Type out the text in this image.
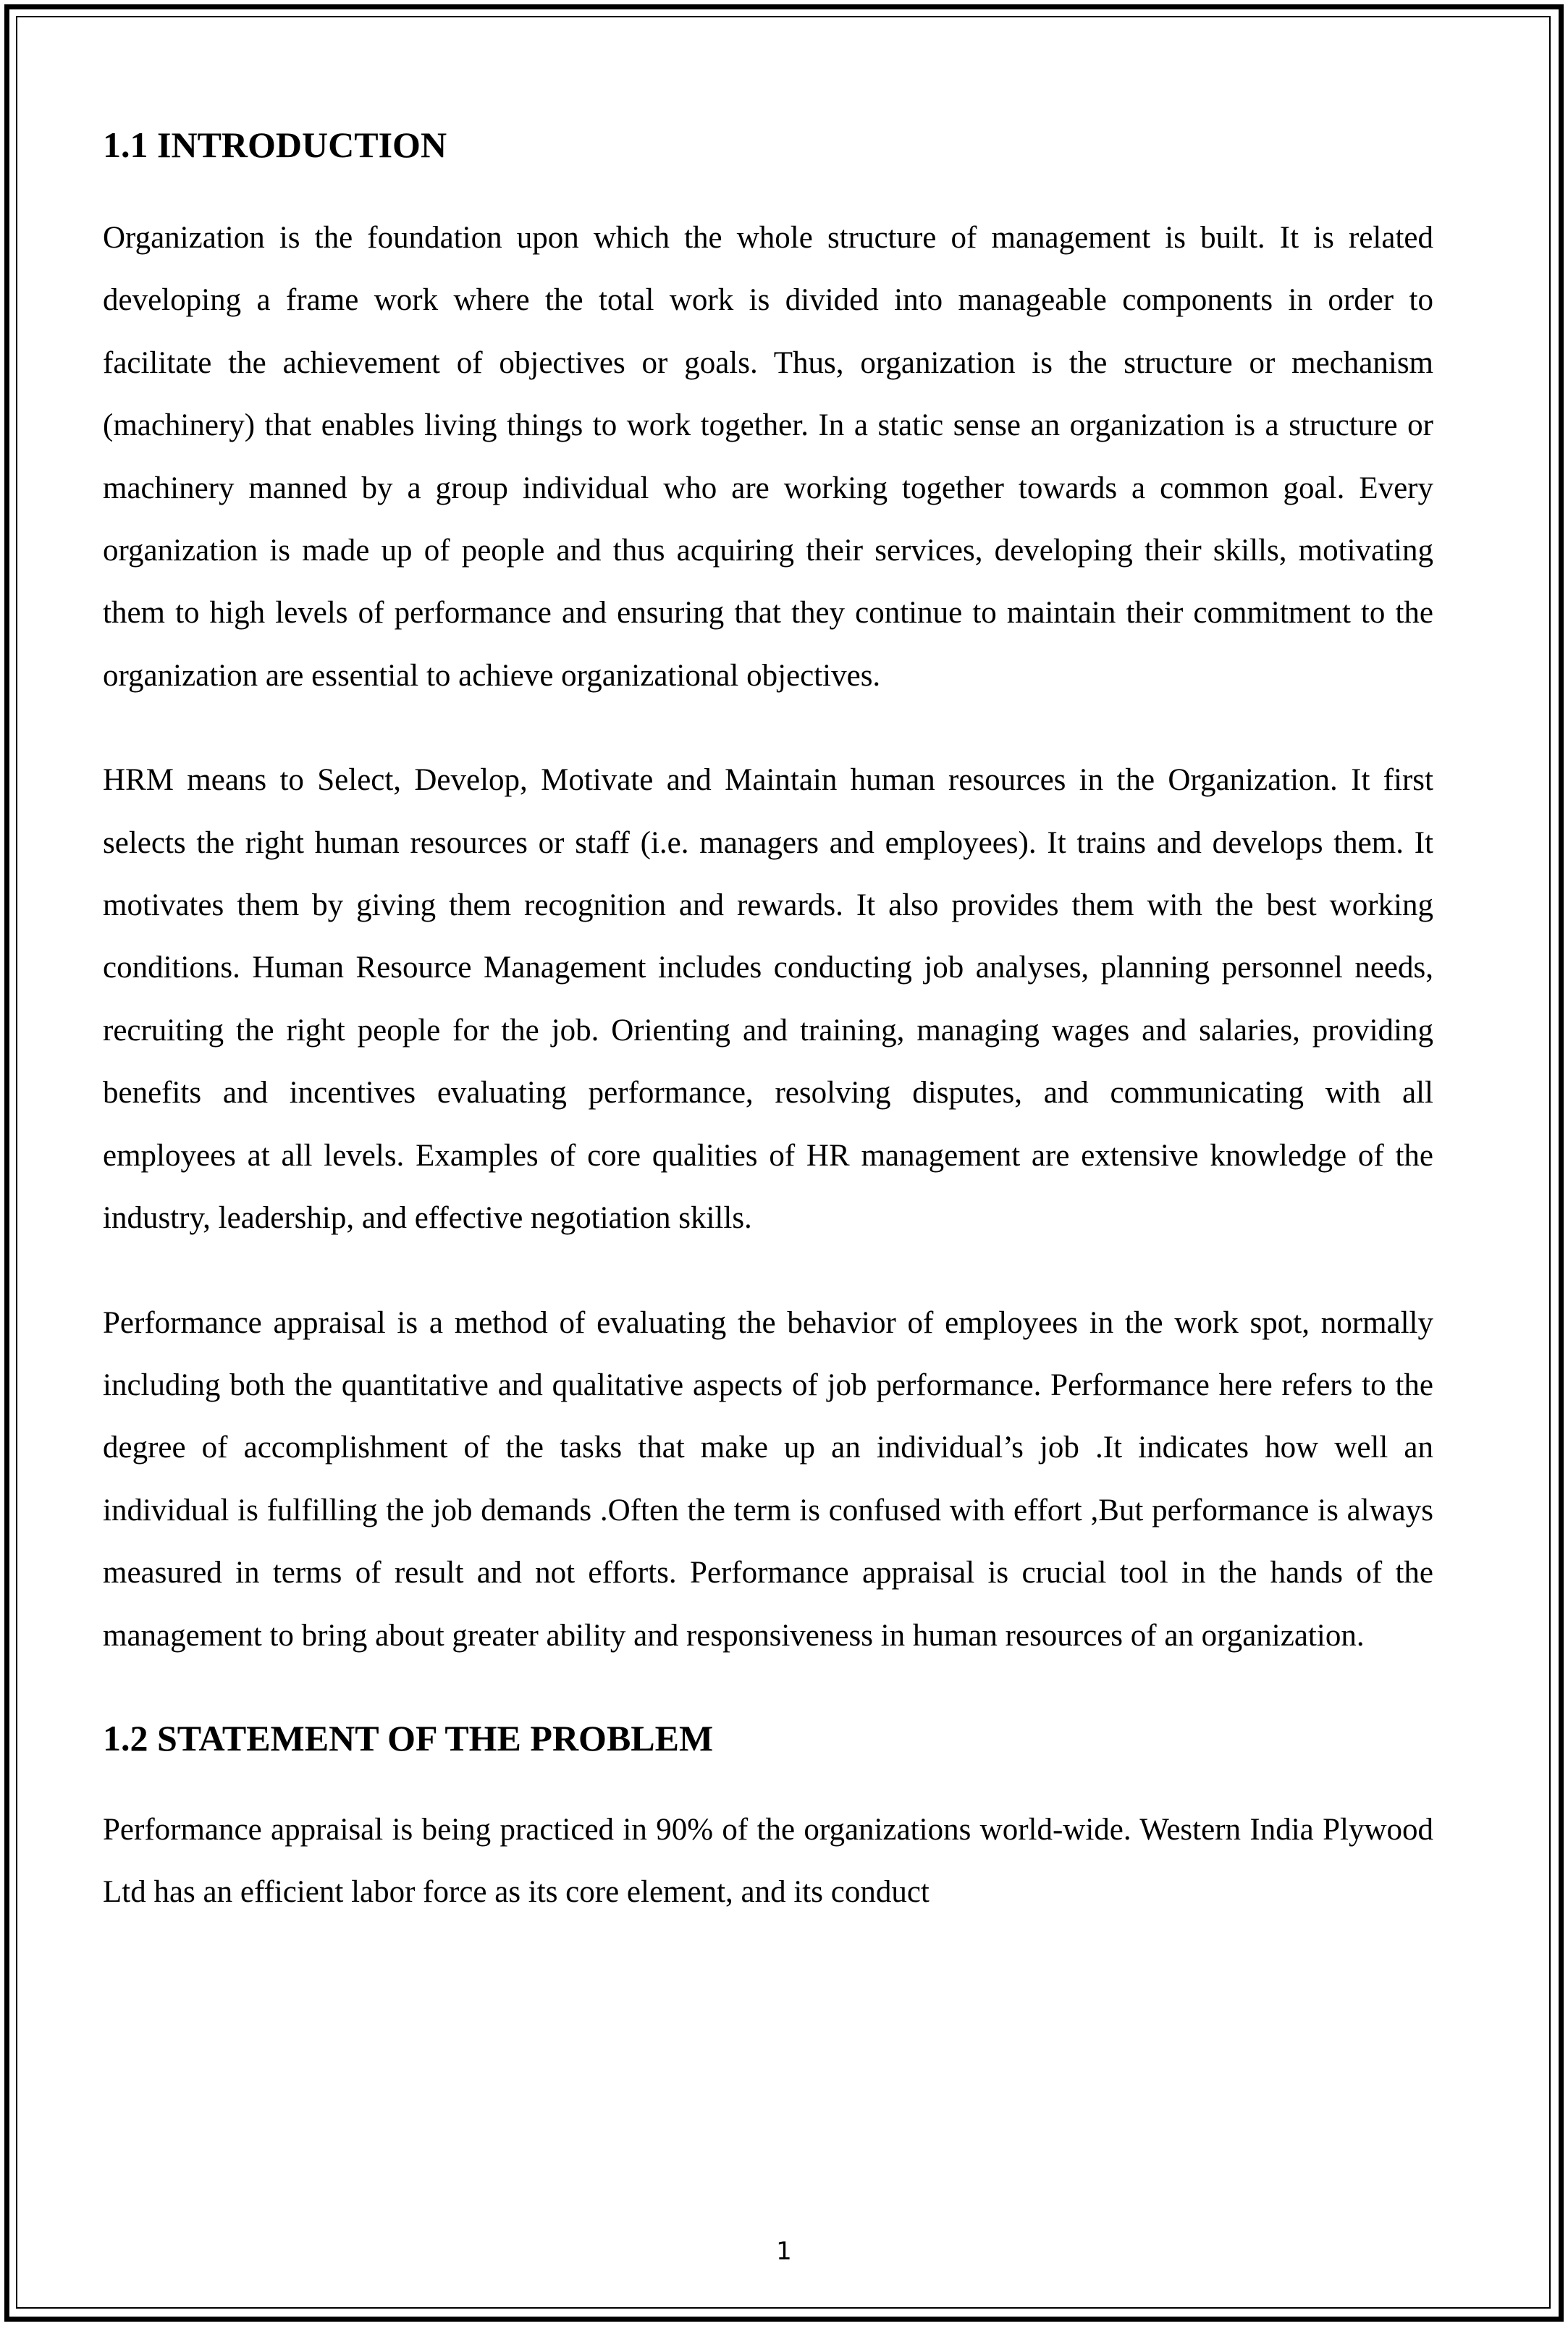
1.1 INTRODUCTION

Organization is the foundation upon which the whole structure of management is built. It is related developing a frame work where the total work is divided into manageable components in order to facilitate the achievement of objectives or goals. Thus, organization is the structure or mechanism (machinery) that enables living things to work together. In a static sense an organization is a structure or machinery manned by a group individual who are working together towards a common goal. Every organization is made up of people and thus acquiring their services, developing their skills, motivating them to high levels of performance and ensuring that they continue to maintain their commitment to the organization are essential to achieve organizational objectives.

HRM means to Select, Develop, Motivate and Maintain human resources in the Organization. It first selects the right human resources or staff (i.e. managers and employees). It trains and develops them. It motivates them by giving them recognition and rewards. It also provides them with the best working conditions. Human Resource Management includes conducting job analyses, planning personnel needs, recruiting the right people for the job. Orienting and training, managing wages and salaries, providing benefits and incentives evaluating performance, resolving disputes, and communicating with all employees at all levels. Examples of core qualities of HR management are extensive knowledge of the industry, leadership, and effective negotiation skills.

Performance appraisal is a method of evaluating the behavior of employees in the work spot, normally including both the quantitative and qualitative aspects of job performance. Performance here refers to the degree of accomplishment of the tasks that make up an individual’s job .It indicates how well an individual is fulfilling the job demands .Often the term is confused with effort ,But performance is always measured in terms of result and not efforts. Performance appraisal is crucial tool in the hands of the management to bring about greater ability and responsiveness in human resources of an organization.

1.2 STATEMENT OF THE PROBLEM

Performance appraisal is being practiced in 90% of the organizations world-wide. Western India Plywood Ltd has an efficient labor force as its core element, and its conduct

1
